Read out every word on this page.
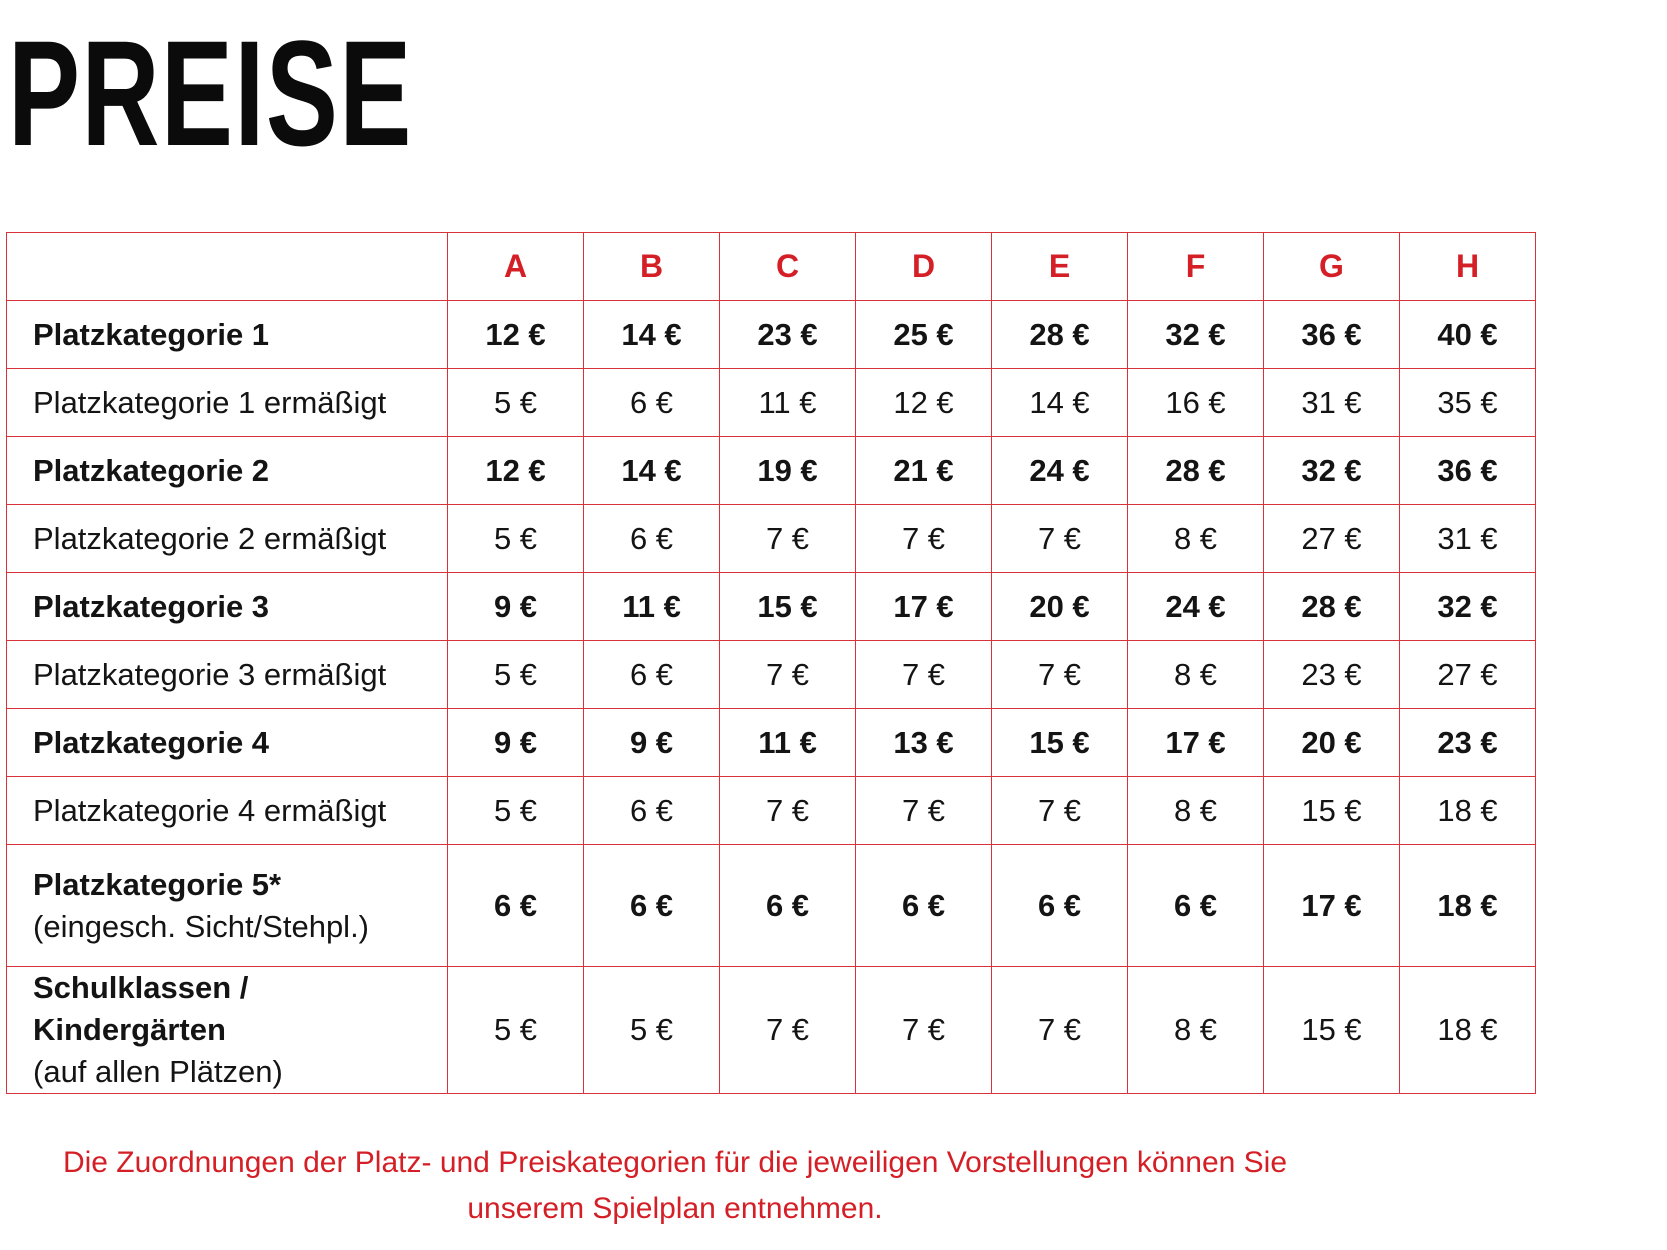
PREISE
	A	B	C	D	E	F	G	H
Platzkategorie 1	12 €	14 €	23 €	25 €	28 €	32 €	36 €	40 €
Platzkategorie 1 ermäßigt	5 €	6 €	11 €	12 €	14 €	16 €	31 €	35 €
Platzkategorie 2	12 €	14 €	19 €	21 €	24 €	28 €	32 €	36 €
Platzkategorie 2 ermäßigt	5 €	6 €	7 €	7 €	7 €	8 €	27 €	31 €
Platzkategorie 3	9 €	11 €	15 €	17 €	20 €	24 €	28 €	32 €
Platzkategorie 3 ermäßigt	5 €	6 €	7 €	7 €	7 €	8 €	23 €	27 €
Platzkategorie 4	9 €	9 €	11 €	13 €	15 €	17 €	20 €	23 €
Platzkategorie 4 ermäßigt	5 €	6 €	7 €	7 €	7 €	8 €	15 €	18 €

Platzkategorie 5*
(eingesch. Sicht/Stehpl.)	6 €	6 €	6 €	6 €	6 €	6 €	17 €	18 €

Schulklassen / Kindergärten
(auf allen Plätzen)	5 €	5 €	7 €	7 €	7 €	8 €	15 €	18 €

Die Zuordnungen der Platz- und Preiskategorien für die jeweiligen Vorstellungen können Sie unserem Spielplan entnehmen.
